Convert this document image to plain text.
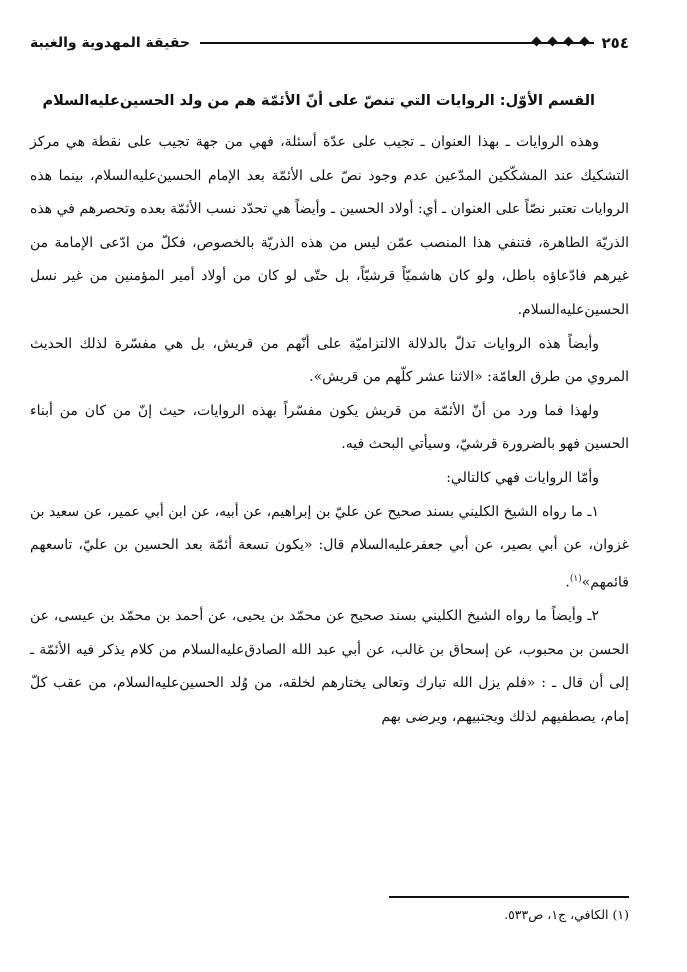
٢٥٤
حقيقة المهدوية والغيبة
القسم الأوّل: الروايات التي تنصّ على أنّ الأئمّة هم من ولد الحسين‌عليه‌السلام

وهذه الروايات ـ بهذا العنوان ـ تجيب على عدّة أسئلة، فهي من جهة تجيب على نقطة هي مركز التشكيك عند المشكّكين المدّعين عدم وجود نصّ على الأئمّة بعد الإمام الحسين‌عليه‌السلام، بينما هذه الروايات تعتبر نصّاً على العنوان ـ أي: أولاد الحسين ـ وأيضاً هي تحدّد نسب الأئمّة بعده وتحصرهم في هذه الذريّة الطاهرة، فتنفي هذا المنصب عمّن ليس من هذه الذريّة بالخصوص، فكلّ من ادّعى الإمامة من غيرهم فادّعاؤه باطل، ولو كان هاشميّاً قرشيّاً، بل حتّى لو كان من أولاد أمير المؤمنين من غير نسل الحسين‌عليه‌السلام.

وأيضاً هذه الروايات تدلّ بالدلالة الالتزاميّة على أنّهم من قريش، بل هي مفسّرة لذلك الحديث المروي من طرق العامّة: «الاثنا عشر كلّهم من قريش».

ولهذا فما ورد من أنّ الأئمّة من قريش يكون مفسّراً بهذه الروايات، حيث إنّ من كان من أبناء الحسين فهو بالضرورة قرشيّ، وسيأتي البحث فيه.

وأمّا الروايات فهي كالتالي:

١ـ ما رواه الشيخ الكليني بسند صحيح عن عليّ بن إبراهيم، عن أبيه، عن ابن أبي عمير، عن سعيد بن غزوان، عن أبي بصير، عن أبي جعفر‌عليه‌السلام قال: «يكون تسعة أئمّة بعد الحسين بن عليّ، تاسعهم قائمهم»$^{(١)}$.

٢ـ وأيضاً ما رواه الشيخ الكليني بسند صحيح عن محمّد بن يحيى، عن أحمد بن محمّد بن عيسى، عن الحسن بن محبوب، عن إسحاق بن غالب، عن أبي عبد الله الصادق‌عليه‌السلام من كلام يذكر فيه الأئمّة ـ إلى أن قال ـ : «فلم يزل الله تبارك وتعالى يختارهم لخلقه، من وُلد الحسين‌عليه‌السلام، من عقب كلّ إمام، يصطفيهم لذلك ويجتبيهم، ويرضى بهم

(١) الكافي، ج١، ص٥٣٣.
